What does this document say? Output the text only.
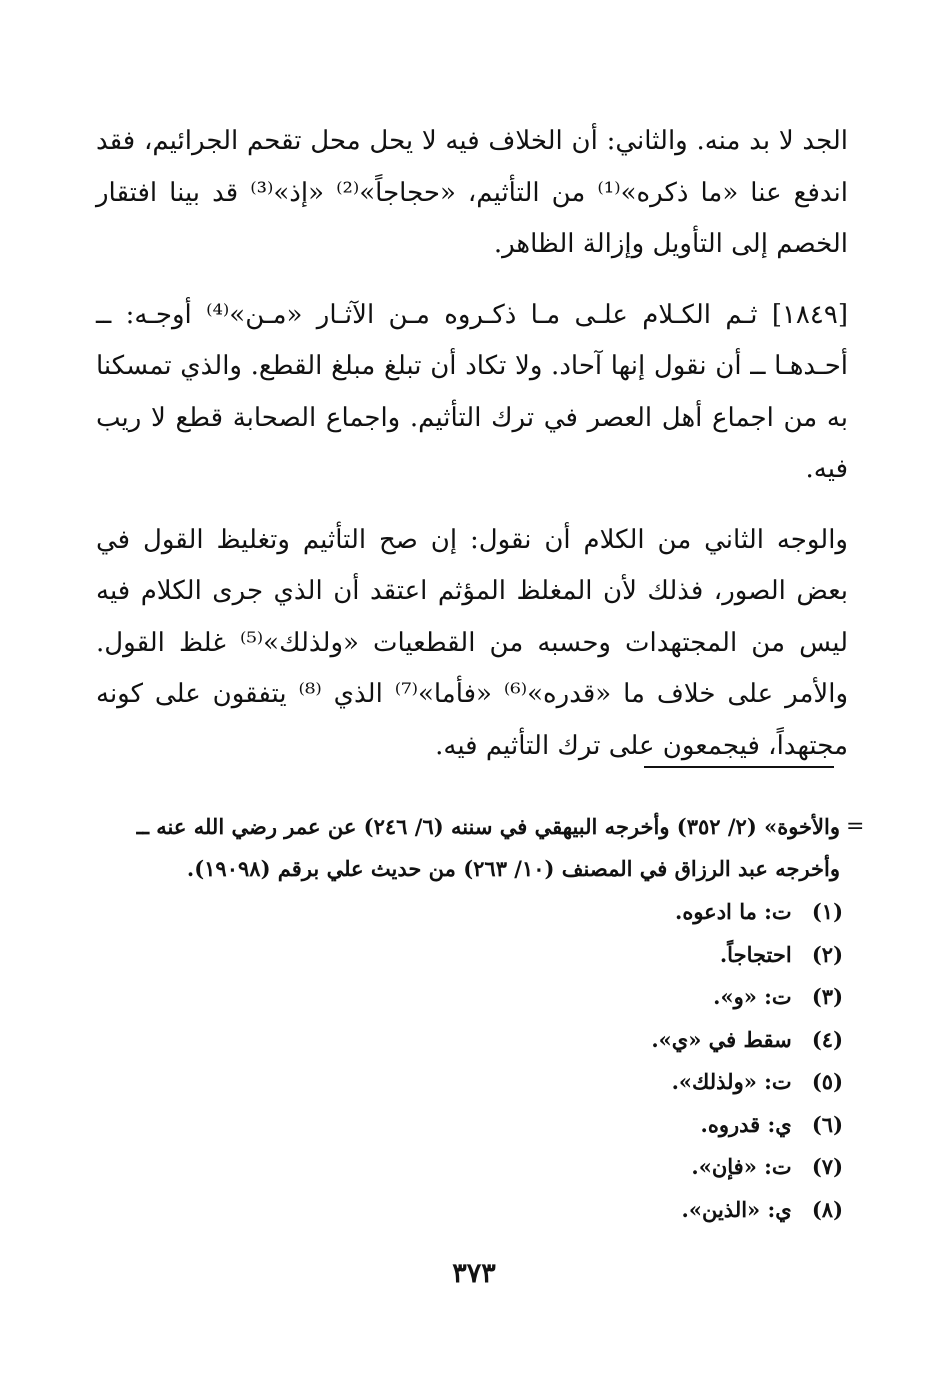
الجد لا بد منه. والثاني: أن الخلاف فيه لا يحل محل تقحم الجرائيم، فقد اندفع عنا «ما ذكره»⁽¹⁾ من التأثيم، «حجاجاً»⁽²⁾ «إذ»⁽³⁾ قد بينا افتقار الخصم إلى التأويل وإزالة الظاهر.

[١٨٤٩] ثـم الكـلام علـى مـا ذكـروه مـن الآثـار «مـن»⁽⁴⁾ أوجـه: ــ أحـدهـا ــ أن نقول إنها آحاد. ولا تكاد أن تبلغ مبلغ القطع. والذي تمسكنا به من اجماع أهل العصر في ترك التأثيم. واجماع الصحابة قطع لا ريب فيه.

والوجه الثاني من الكلام أن نقول: إن صح التأثيم وتغليظ القول في بعض الصور، فذلك لأن المغلظ المؤثم اعتقد أن الذي جرى الكلام فيه ليس من المجتهدات وحسبه من القطعيات «ولذلك»⁽⁵⁾ غلظ القول. والأمر على خلاف ما «قدره»⁽⁶⁾ «فأما»⁽⁷⁾ الذي ⁽⁸⁾ يتفقون على كونه مجتهداً، فيجمعون على ترك التأثيم فيه.

=
والأخوة» (٢/ ٣٥٢) وأخرجه البيهقي في سننه (٦/ ٢٤٦) عن عمر رضي الله عنه ــ وأخرجه عبد الرزاق في المصنف (١٠/ ٢٦٣) من حديث علي برقم (١٩٠٩٨).
(١) ت: ما ادعوه.
(٢) احتجاجاً.
(٣) ت: «و».
(٤) سقط في «ي».
(٥) ت: «ولذلك».
(٦) ي: قدروه.
(٧) ت: «فإن».
(٨) ي: «الذين».
٣٧٣
